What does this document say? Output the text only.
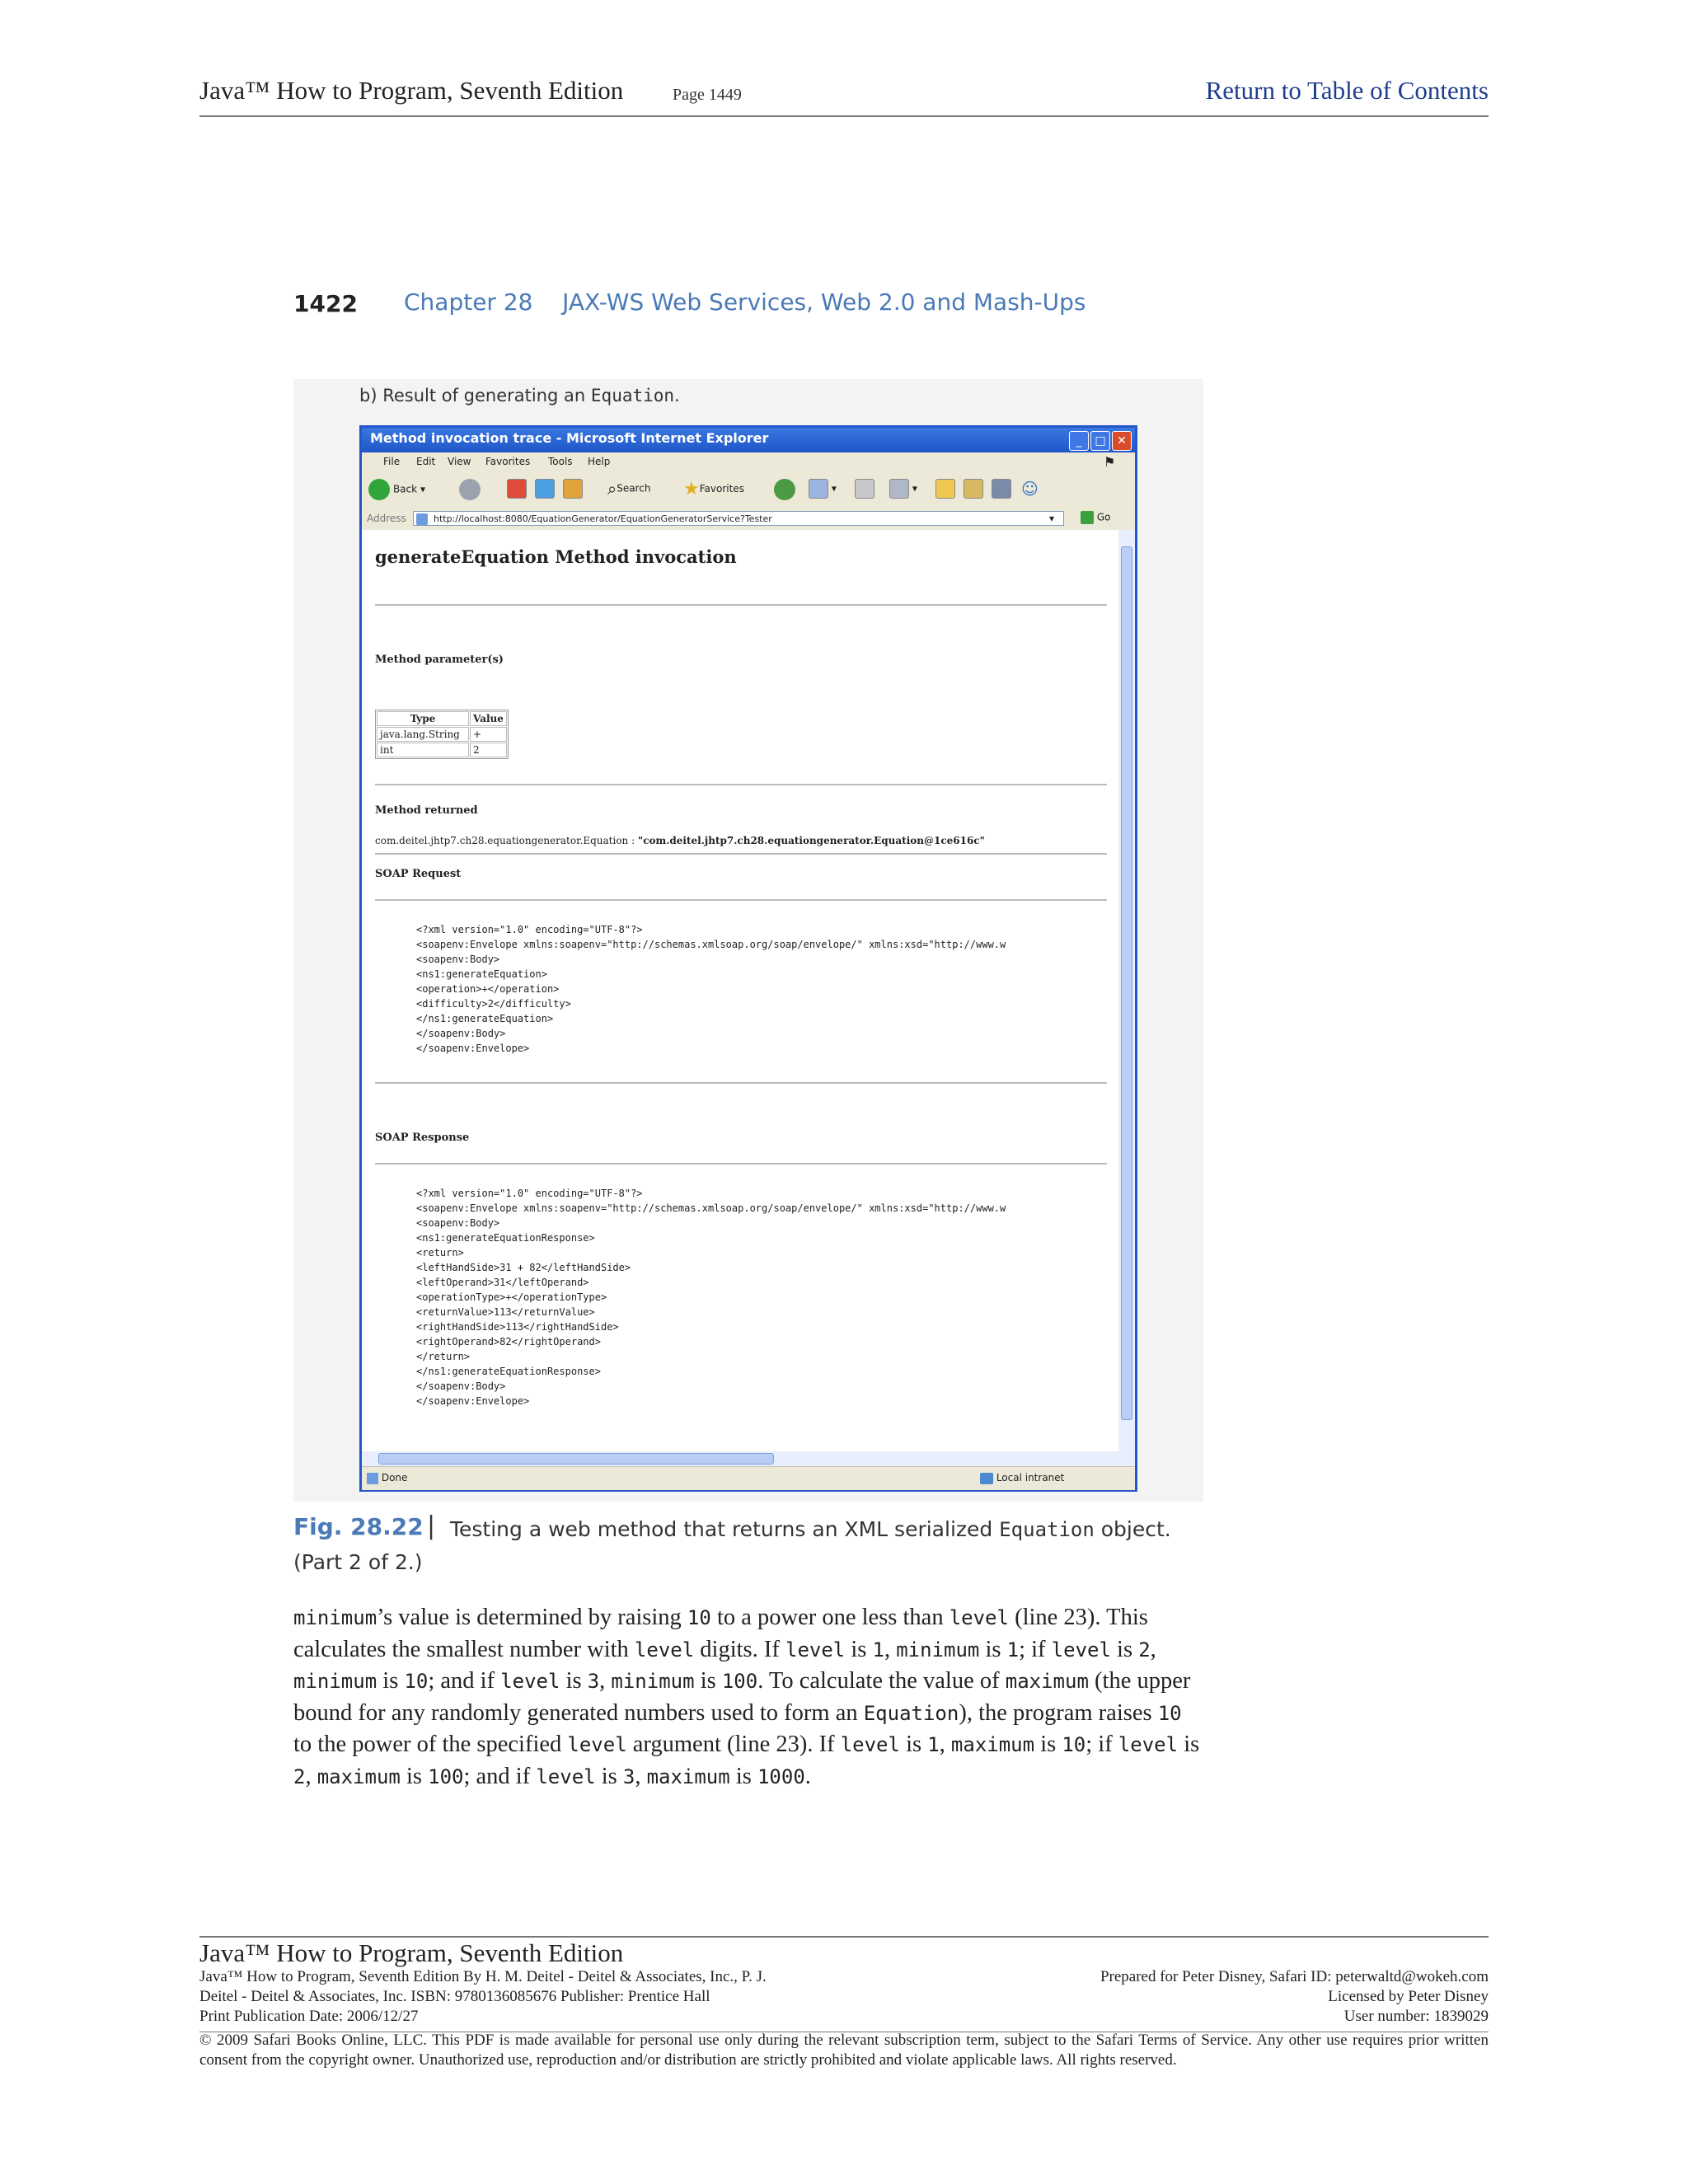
Java™ How to Program, Seventh Edition	Page 1449	Return to Table of Contents
1422 Chapter 28    JAX-WS Web Services, Web 2.0 and Mash-Ups
b) Result of generating an Equation.
Method invocation trace - Microsoft Internet Explorer	_	□ ✕
File Edit View Favorites Tools Help	⚑
Back ▾	⌕Search ★Favorites	▾	▾	☺
Address	http://localhost:8080/EquationGenerator/EquationGeneratorService?Tester	▾	Go
generateEquation Method invocation
Method parameter(s)
Type	Value
java.lang.String	+
int	2
Method returned
com.deitel.jhtp7.ch28.equationgenerator.Equation : "com.deitel.jhtp7.ch28.equationgenerator.Equation@1ce616c"
SOAP Request
<?xml version="1.0" encoding="UTF-8"?>
<soapenv:Envelope xmlns:soapenv="http://schemas.xmlsoap.org/soap/envelope/" xmlns:xsd="http://www.w
<soapenv:Body>
<ns1:generateEquation>
<operation>+</operation>
<difficulty>2</difficulty>
</ns1:generateEquation>
</soapenv:Body>
</soapenv:Envelope>
SOAP Response
<?xml version="1.0" encoding="UTF-8"?>
<soapenv:Envelope xmlns:soapenv="http://schemas.xmlsoap.org/soap/envelope/" xmlns:xsd="http://www.w
<soapenv:Body>
<ns1:generateEquationResponse>
<return>
<leftHandSide>31 + 82</leftHandSide>
<leftOperand>31</leftOperand>
<operationType>+</operationType>
<returnValue>113</returnValue>
<rightHandSide>113</rightHandSide>
<rightOperand>82</rightOperand>
</return>
</ns1:generateEquationResponse>
</soapenv:Body>
</soapenv:Envelope>
Done	Local intranet
Fig. 28.22 | Testing a web method that returns an XML serialized Equation object. (Part 2 of 2.)
minimum’s value is determined by raising 10 to a power one less than level (line 23). This calculates the smallest number with level digits. If level is 1, minimum is 1; if level is 2, minimum is 10; and if level is 3, minimum is 100. To calculate the value of maximum (the upper bound for any randomly generated numbers used to form an Equation), the program raises 10 to the power of the specified level argument (line 23). If level is 1, maximum is 10; if level is 2, maximum is 100; and if level is 3, maximum is 1000.
Java™ How to Program, Seventh Edition
Java™ How to Program, Seventh Edition By H. M. Deitel - Deitel & Associates, Inc., P. J.
Deitel - Deitel & Associates, Inc. ISBN: 9780136085676 Publisher: Prentice Hall
Print Publication Date: 2006/12/27
Prepared for Peter Disney, Safari ID: peterwaltd@wokeh.com
Licensed by Peter Disney
User number: 1839029
© 2009 Safari Books Online, LLC. This PDF is made available for personal use only during the relevant subscription term, subject to the Safari Terms of Service. Any other use requires prior written consent from the copyright owner. Unauthorized use, reproduction and/or distribution are strictly prohibited and violate applicable laws. All rights reserved.
